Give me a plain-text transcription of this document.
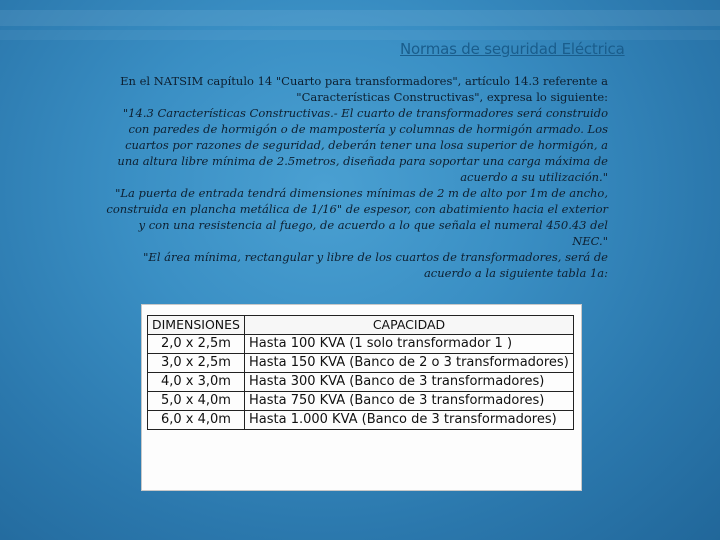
Normas de seguridad Eléctrica

En el NATSIM capítulo 14 "Cuarto para transformadores", artículo 14.3 referente a "Características Constructivas", expresa lo siguiente:

"14.3 Características Constructivas.- El cuarto de transformadores será construido con paredes de hormigón o de mampostería y columnas de hormigón armado. Los cuartos por razones de seguridad, deberán tener una losa superior de hormigón, a una altura libre mínima de 2.5metros, diseñada para soportar una carga máxima de acuerdo a su utilización."

"La puerta de entrada tendrá dimensiones mínimas de 2 m de alto por 1m de ancho, construida en plancha metálica de 1/16" de espesor, con abatimiento hacia el exterior y con una resistencia al fuego, de acuerdo a lo que señala el numeral 450.43 del NEC."

"El área mínima, rectangular y libre de los cuartos de transformadores, será de acuerdo a la siguiente tabla 1a:

DIMENSIONES	CAPACIDAD
2,0 x 2,5m	Hasta 100 KVA (1 solo transformador 1 )
3,0 x 2,5m	Hasta 150 KVA (Banco de 2 o 3 transformadores)
4,0 x 3,0m	Hasta 300 KVA (Banco de 3 transformadores)
5,0 x 4,0m	Hasta 750 KVA (Banco de 3 transformadores)
6,0 x 4,0m	Hasta 1.000 KVA (Banco de 3 transformadores)
